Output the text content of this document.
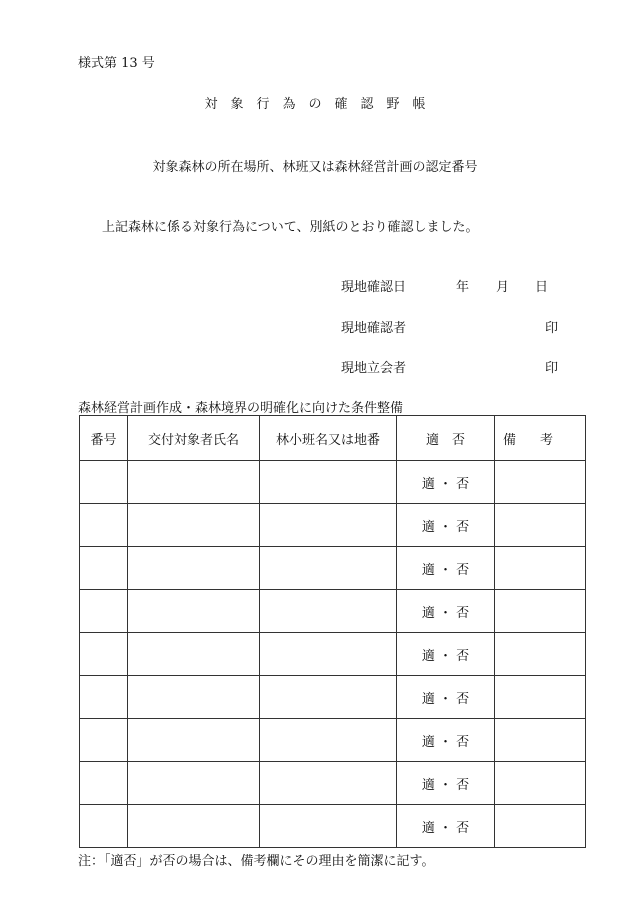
様式第 13 号
対象行為の確認野帳
対象森林の所在場所、林班又は森林経営計画の認定番号
上記森林に係る対象行為について、別紙のとおり確認しました。
現地確認日	年 月 日
現地確認者	印
現地立会者	印
森林経営計画作成・森林境界の明確化に向けた条件整備
番号	交付対象者氏名	林小班名又は地番	適　否	備考
			適 ・ 否	
			適 ・ 否	
			適 ・ 否	
			適 ・ 否	
			適 ・ 否	
			適 ・ 否	
			適 ・ 否	
			適 ・ 否	
			適 ・ 否	
注：「適否」が否の場合は、備考欄にその理由を簡潔に記す。
